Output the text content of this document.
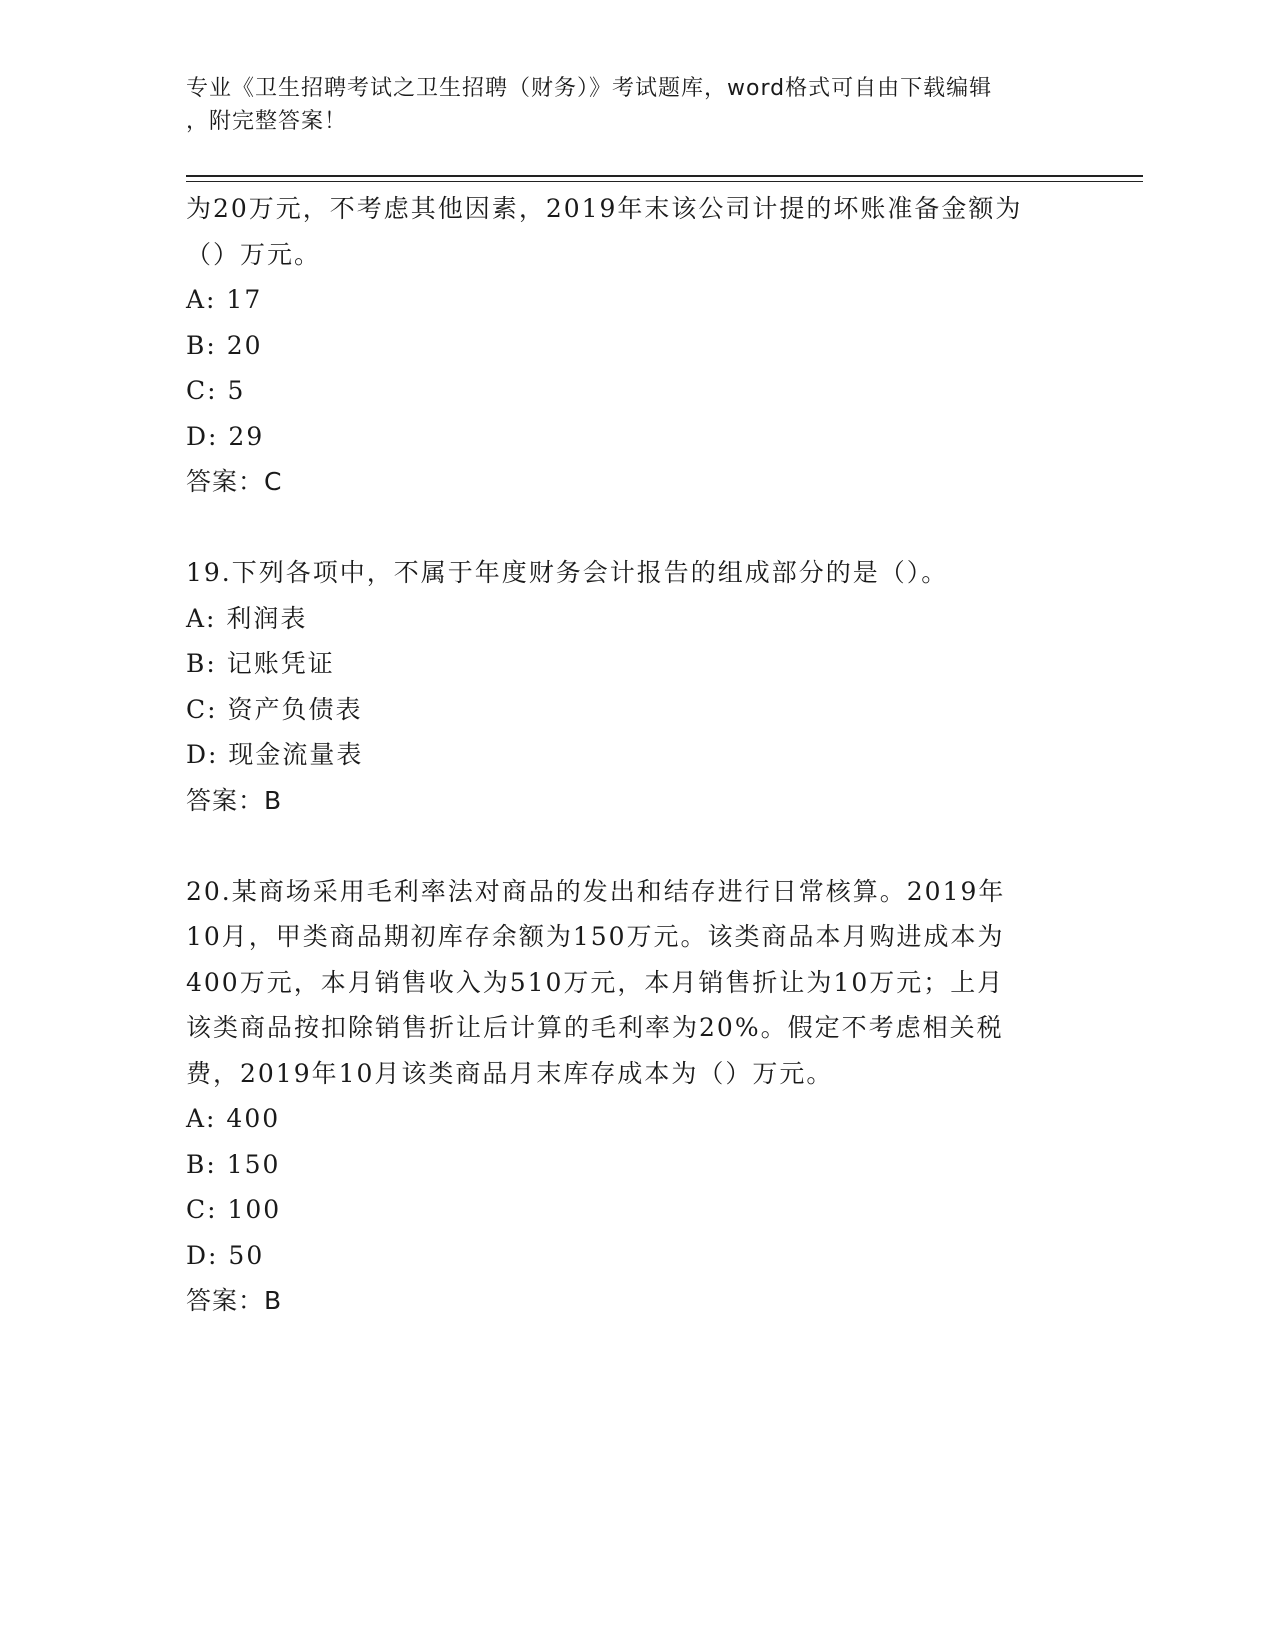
专业《卫生招聘考试之卫生招聘（财务）》考试题库，word格式可自由下载编辑
，附完整答案！
为20万元，不考虑其他因素，2019年末该公司计提的坏账准备金额为
（）万元。
A: 17
B: 20
C: 5
D: 29
答案：C
19.下列各项中，不属于年度财务会计报告的组成部分的是（）。
A: 利润表
B: 记账凭证
C: 资产负债表
D: 现金流量表
答案：B
20.某商场采用毛利率法对商品的发出和结存进行日常核算。2019年
10月，甲类商品期初库存余额为150万元。该类商品本月购进成本为
400万元，本月销售收入为510万元，本月销售折让为10万元；上月
该类商品按扣除销售折让后计算的毛利率为20%。假定不考虑相关税
费，2019年10月该类商品月末库存成本为（）万元。
A: 400
B: 150
C: 100
D: 50
答案：B
